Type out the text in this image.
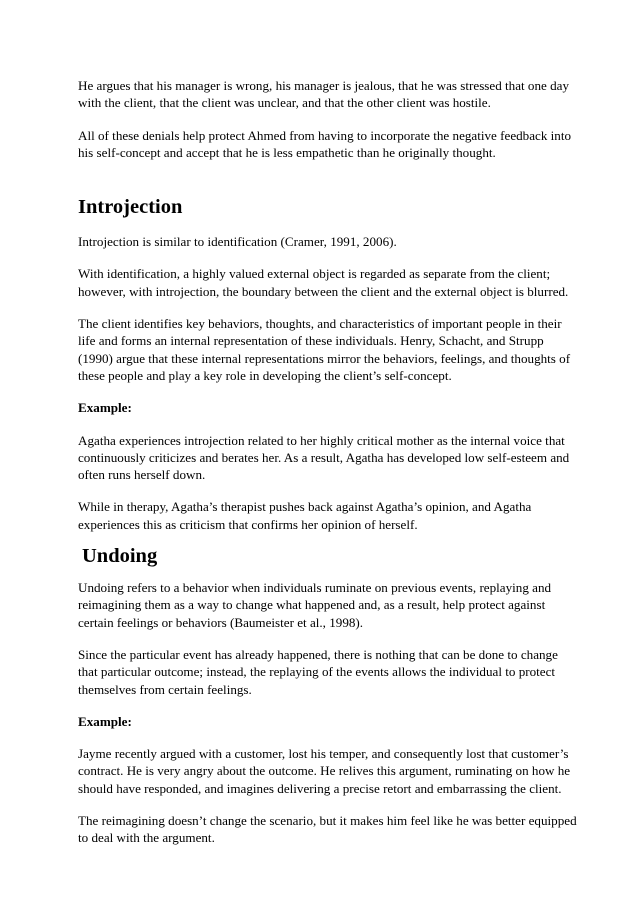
He argues that his manager is wrong, his manager is jealous, that he was stressed that one day with the client, that the client was unclear, and that the other client was hostile.

All of these denials help protect Ahmed from having to incorporate the negative feedback into his self-concept and accept that he is less empathetic than he originally thought.

Introjection

Introjection is similar to identification (Cramer, 1991, 2006).

With identification, a highly valued external object is regarded as separate from the client; however, with introjection, the boundary between the client and the external object is blurred.

The client identifies key behaviors, thoughts, and characteristics of important people in their life and forms an internal representation of these individuals. Henry, Schacht, and Strupp (1990) argue that these internal representations mirror the behaviors, feelings, and thoughts of these people and play a key role in developing the client’s self-concept.

Example:

Agatha experiences introjection related to her highly critical mother as the internal voice that continuously criticizes and berates her. As a result, Agatha has developed low self-esteem and often runs herself down.

While in therapy, Agatha’s therapist pushes back against Agatha’s opinion, and Agatha experiences this as criticism that confirms her opinion of herself.

Undoing

Undoing refers to a behavior when individuals ruminate on previous events, replaying and reimagining them as a way to change what happened and, as a result, help protect against certain feelings or behaviors (Baumeister et al., 1998).

Since the particular event has already happened, there is nothing that can be done to change that particular outcome; instead, the replaying of the events allows the individual to protect themselves from certain feelings.

Example:

Jayme recently argued with a customer, lost his temper, and consequently lost that customer’s contract. He is very angry about the outcome. He relives this argument, ruminating on how he should have responded, and imagines delivering a precise retort and embarrassing the client.

The reimagining doesn’t change the scenario, but it makes him feel like he was better equipped to deal with the argument.
